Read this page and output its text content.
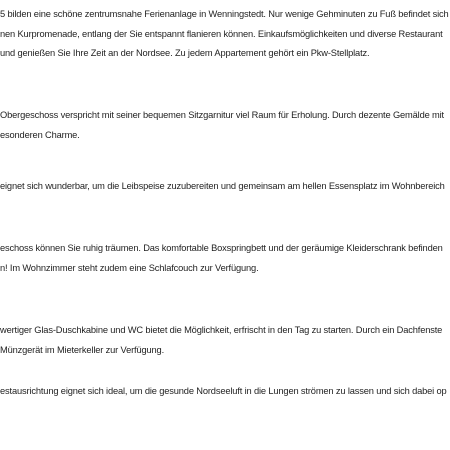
5 bilden eine schöne zentrumsnahe Ferienanlage in Wenningstedt. Nur wenige Gehminuten zu Fuß befindet sich
nen Kurpromenade, entlang der Sie entspannt flanieren können. Einkaufsmöglichkeiten und diverse Restaurant
und genießen Sie Ihre Zeit an der Nordsee. Zu jedem Appartement gehört ein Pkw-Stellplatz.
Obergeschoss verspricht mit seiner bequemen Sitzgarnitur viel Raum für Erholung. Durch dezente Gemälde mit
esonderen Charme.
eignet sich wunderbar, um die Leibspeise zuzubereiten und gemeinsam am hellen Essensplatz im Wohnbereich
eschoss können Sie ruhig träumen. Das komfortable Boxspringbett und der geräumige Kleiderschrank befinden
n! Im Wohnzimmer steht zudem eine Schlafcouch zur Verfügung.
wertiger Glas-Duschkabine und WC bietet die Möglichkeit, erfrischt in den Tag zu starten. Durch ein Dachfenste
Münzgerät im Mieterkeller zur Verfügung.
estausrichtung eignet sich ideal, um die gesunde Nordseeluft in die Lungen strömen zu lassen und sich dabei op
